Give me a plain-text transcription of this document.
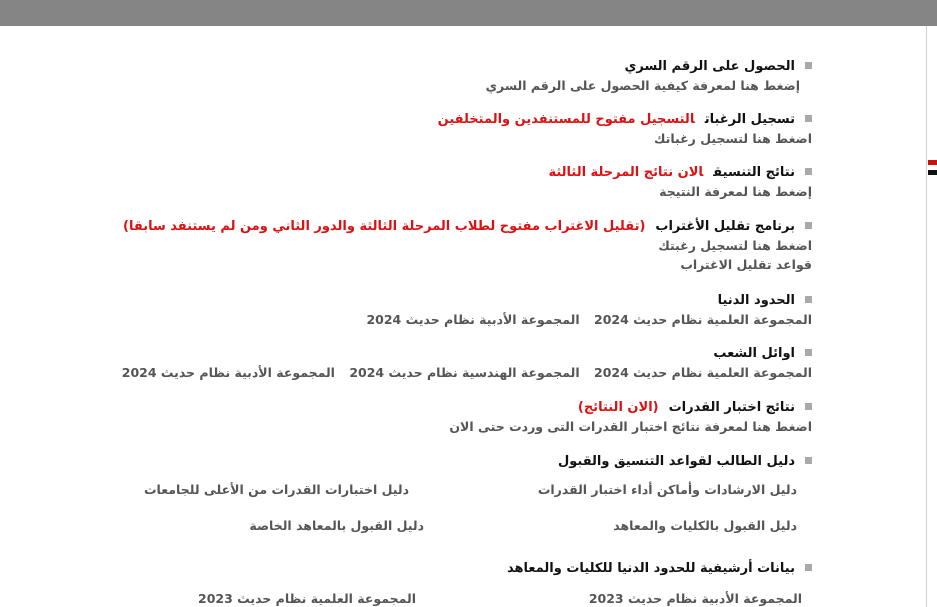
الحصول على الرقم السري
إضغط هنا لمعرفة كيفية الحصول على الرقم السري
تسجيل الرغباتالتسجيل مفتوح للمستنفدين والمتخلفين
اضغط هنا لتسجيل رغباتك
نتائج التنسيقالان نتائج المرحلة الثالثة
إضغط هنا لمعرفة النتيجة
برنامج تقليل الأغتراب(تقليل الاغتراب مفتوح لطلاب المرحلة الثالثة والدور الثاني ومن لم يستنفد سابقا)
اضغط هنا لتسجيل رغبتك
قواعد تقليل الاغتراب
الحدود الدنيا
المجموعة العلمية نظام حديث 2024 المجموعة الأدبية نظام حديث 2024
اوائل الشعب
المجموعة العلمية نظام حديث 2024 المجموعة الهندسية نظام حديث 2024 المجموعة الأدبية نظام حديث 2024
نتائج اختبار القدرات(الان النتائج)
اضغط هنا لمعرفة نتائج اختبار القدرات التى وردت حتى الان
دليل الطالب لقواعد التنسيق والقبول
دليل الارشادات وأماكن أداء اختبار القدرات
دليل اختبارات القدرات من الأعلى للجامعات
دليل القبول بالكليات والمعاهد
دليل القبول بالمعاهد الخاصة
بيانات أرشيفية للحدود الدنيا للكليات والمعاهد
المجموعة الأدبية نظام حديث 2023
المجموعة العلمية نظام حديث 2023
